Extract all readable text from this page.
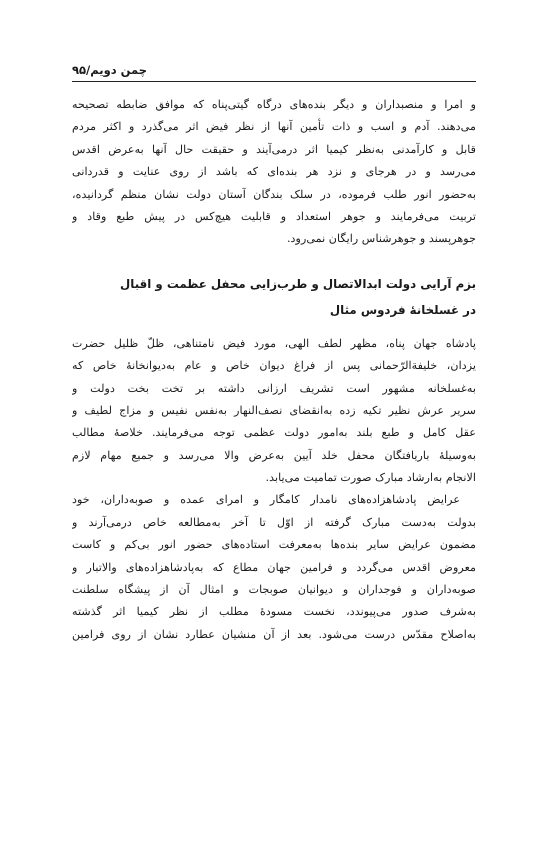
۹۵/چمن دویم

و امرا و منصبداران و دیگر بنده‌های درگاه گیتی‌پناه که موافق ضابطه تصحیحه
می‌دهند. آدم و اسب و ذات تأمین آنها از نظر فیض اثر می‌گذرد و اکثر مردم
قابل و کارآمدنی به‌نظر کیمیا اثر درمی‌آیند و حقیقت حال آنها به‌عرض اقدس
می‌رسد و در هرجای و نزد هر بنده‌ای که باشد از روی عنایت و قدردانی
به‌حضور انور طلب فرموده، در سلک بندگان آستان دولت نشان منظم گردانیده،
تربیت می‌فرمایند و جوهر استعداد و قابلیت هیچ‌کس در پیش طبع وقاد و
جوهرپسند و جوهرشناس رایگان نمی‌رود.

بزم آرایی دولت ابدالاتصال و طرب‌زایی محفل عظمت و اقبال
در غسلخانۀ فردوس مثال

پادشاه جهان پناه، مظهر لطف الهی، مورد فیض نامتناهی، ظلّ ظلیل حضرت
یزدان، خلیفةالرّحمانی پس از فراغ دیوان خاص و عام به‌دیوانخانۀ خاص که
به‌غسلخانه مشهور است تشریف ارزانی داشته بر تخت بخت دولت و
سریر عرش نظیر تکیه زده به‌انقضای نصف‌النهار به‌نفس نفیس و مزاج لطیف و
عقل کامل و طبع بلند به‌امور دولت عظمی توجه می‌فرمایند. خلاصۀ مطالب
به‌وسیلۀ باریافتگان محفل خلد آیین به‌عرض والا می‌رسد و جمیع مهام لازم
الانجام به‌ارشاد مبارک صورت تمامیت می‌یابد.

عرایض پادشاهزاده‌های نامدار کامگار و امرای عمده و صوبه‌داران، خود
بدولت به‌دست مبارک گرفته از اوّل تا آخر به‌مطالعه خاص درمی‌آرند و
مضمون عرایض سایر بنده‌ها به‌معرفت استاده‌های حضور انور بی‌کم و کاست
معروض اقدس می‌گردد و فرامین جهان مطاع که به‌پادشاهزاده‌های والاتبار و
صوبه‌داران و فوجداران و دیوانیان صوبجات و امثال آن از پیشگاه سلطنت
به‌شرف صدور می‌پیوندد، نخست مسودۀ مطلب از نظر کیمیا اثر گذشته
به‌اصلاح مقدّس درست می‌شود. بعد از آن منشیان عطارد نشان از روی فرامین
